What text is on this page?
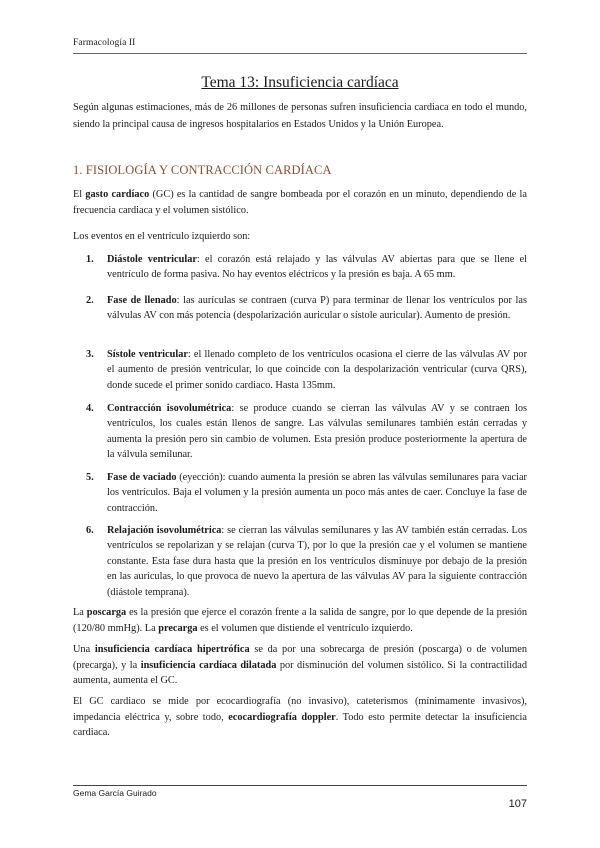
Farmacología II
Tema 13: Insuficiencia cardíaca
Según algunas estimaciones, más de 26 millones de personas sufren insuficiencia cardiaca en todo el mundo, siendo la principal causa de ingresos hospitalarios en Estados Unidos y la Unión Europea.
1. FISIOLOGÍA Y CONTRACCIÓN CARDÍACA
El gasto cardíaco (GC) es la cantidad de sangre bombeada por el corazón en un minuto, dependiendo de la frecuencia cardiaca y el volumen sistólico.
Los eventos en el ventrículo izquierdo son:
1. Diástole ventricular: el corazón está relajado y las válvulas AV abiertas para que se llene el ventrículo de forma pasiva. No hay eventos eléctricos y la presión es baja. A 65 mm.
2. Fase de llenado: las aurículas se contraen (curva P) para terminar de llenar los ventrículos por las válvulas AV con más potencia (despolarización auricular o sístole auricular). Aumento de presión.
3. Sístole ventricular: el llenado completo de los ventrículos ocasiona el cierre de las válvulas AV por el aumento de presión ventricular, lo que coincide con la despolarización ventricular (curva QRS), donde sucede el primer sonido cardiaco. Hasta 135mm.
4. Contracción isovolumétrica: se produce cuando se cierran las válvulas AV y se contraen los ventrículos, los cuales están llenos de sangre. Las válvulas semilunares también están cerradas y aumenta la presión pero sin cambio de volumen. Esta presión produce posteriormente la apertura de la válvula semilunar.
5. Fase de vaciado (eyección): cuando aumenta la presión se abren las válvulas semilunares para vaciar los ventrículos. Baja el volumen y la presión aumenta un poco más antes de caer. Concluye la fase de contracción.
6. Relajación isovolumétrica: se cierran las válvulas semilunares y las AV también están cerradas. Los ventrículos se repolarizan y se relajan (curva T), por lo que la presión cae y el volumen se mantiene constante. Esta fase dura hasta que la presión en los ventrículos disminuye por debajo de la presión en las aurículas, lo que provoca de nuevo la apertura de las válvulas AV para la siguiente contracción (diástole temprana).
La poscarga es la presión que ejerce el corazón frente a la salida de sangre, por lo que depende de la presión (120/80 mmHg). La precarga es el volumen que distiende el ventrículo izquierdo.
Una insuficiencia cardíaca hipertrófica se da por una sobrecarga de presión (poscarga) o de volumen (precarga), y la insuficiencia cardíaca dilatada por disminución del volumen sistólico. Si la contractilidad aumenta, aumenta el GC.
El GC cardiaco se mide por ecocardiografía (no invasivo), cateterismos (mínimamente invasivos), impedancia eléctrica y, sobre todo, ecocardiografía doppler. Todo esto permite detectar la insuficiencia cardiaca.
Gema García Guirado
107
